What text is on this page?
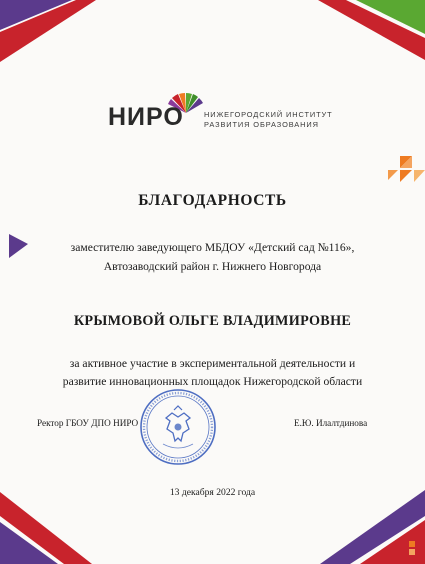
НИРО	НИЖЕГОРОДСКИЙ ИНСТИТУТ
РАЗВИТИЯ ОБРАЗОВАНИЯ
БЛАГОДАРНОСТЬ
заместителю заведующего МБДОУ «Детский сад №116»,
Автозаводский район г. Нижнего Новгорода
КРЫМОВОЙ ОЛЬГЕ ВЛАДИМИРОВНЕ
за активное участие в экспериментальной деятельности и
развитие инновационных площадок Нижегородской области
Ректор ГБОУ ДПО НИРО	Е.Ю. Илалтдинова
13 декабря 2022 года
